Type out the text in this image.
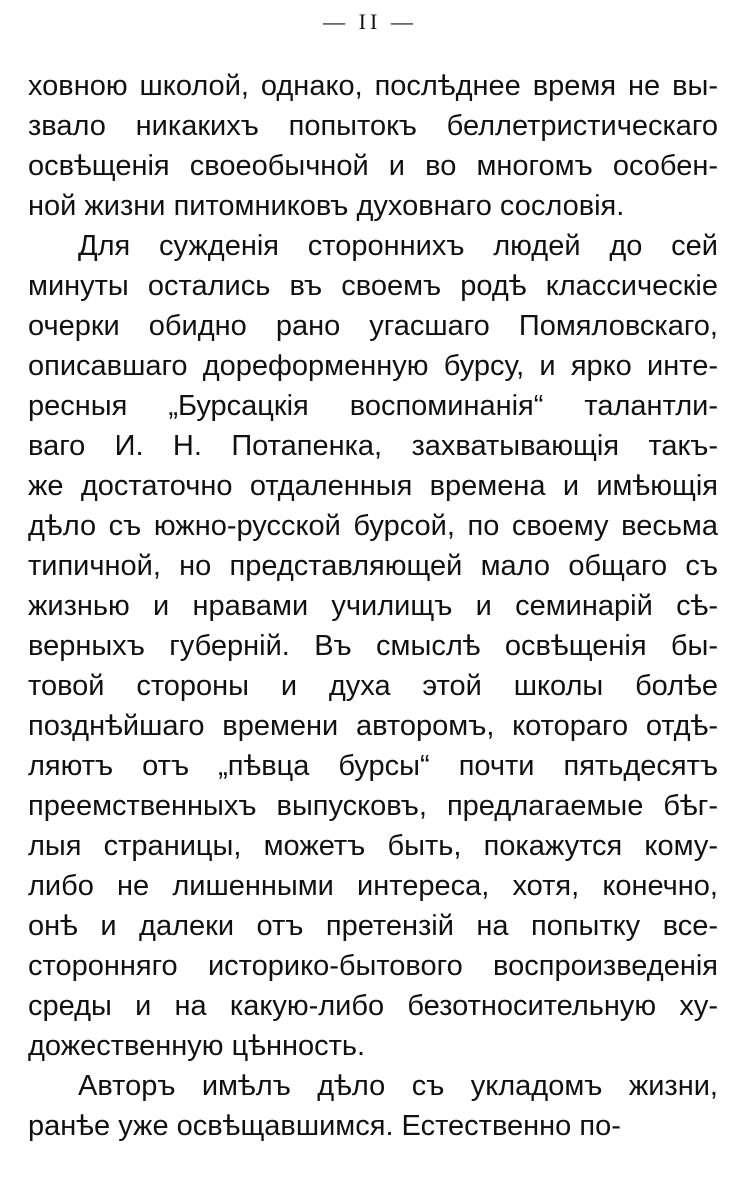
— II —
ховною школой, однако, послѣднее время не вы-
звало никакихъ попытокъ беллетристическаго
освѣщенія своеобычной и во многомъ особен-
ной жизни питомниковъ духовнаго сословія.
Для сужденія стороннихъ людей до сей
минуты остались въ своемъ родѣ классическіе
очерки обидно рано угасшаго Помяловскаго,
описавшаго дореформенную бурсу, и ярко инте-
ресныя „Бурсацкія воспоминанія“ талантли-
ваго И. Н. Потапенка, захватывающія такъ-
же достаточно отдаленныя времена и имѣющія
дѣло съ южно-русской бурсой, по своему весьма
типичной, но представляющей мало общаго съ
жизнью и нравами училищъ и семинарій сѣ-
верныхъ губерній. Въ смыслѣ освѣщенія бы-
товой стороны и духа этой школы болѣе
позднѣйшаго времени авторомъ, котораго отдѣ-
ляютъ отъ „пѣвца бурсы“ почти пятьдесятъ
преемственныхъ выпусковъ, предлагаемые бѣг-
лыя страницы, можетъ быть, покажутся кому-
либо не лишенными интереса, хотя, конечно,
онѣ и далеки отъ претензій на попытку все-
сторонняго историко-бытового воспроизведенія
среды и на какую-либо безотносительную ху-
дожественную цѣнность.
Авторъ имѣлъ дѣло съ укладомъ жизни,
ранѣе уже освѣщавшимся. Естественно по-
